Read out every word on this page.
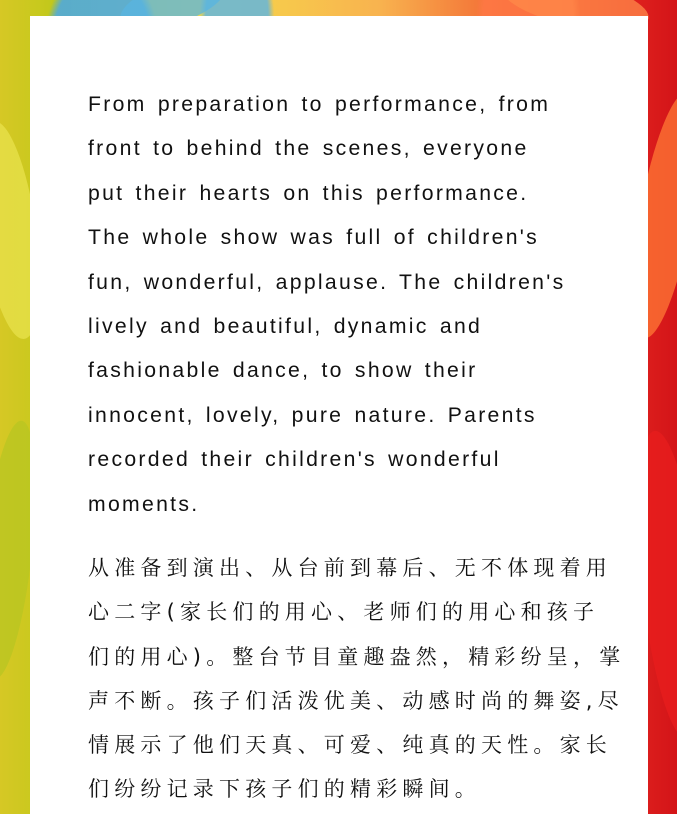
From preparation to performance, from
front to behind the scenes, everyone
put their hearts on this performance.
The whole show was full of children's
fun, wonderful, applause. The children's
lively and beautiful, dynamic and
fashionable dance, to show their
innocent, lovely, pure nature. Parents
recorded their children's wonderful
moments.
从准备到演出、从台前到幕后、无不体现着用
心二字(家长们的用心、老师们的用心和孩子
们的用心)。整台节目童趣盎然，精彩纷呈，掌
声不断。孩子们活泼优美、动感时尚的舞姿,尽
情展示了他们天真、可爱、纯真的天性。家长
们纷纷记录下孩子们的精彩瞬间。
